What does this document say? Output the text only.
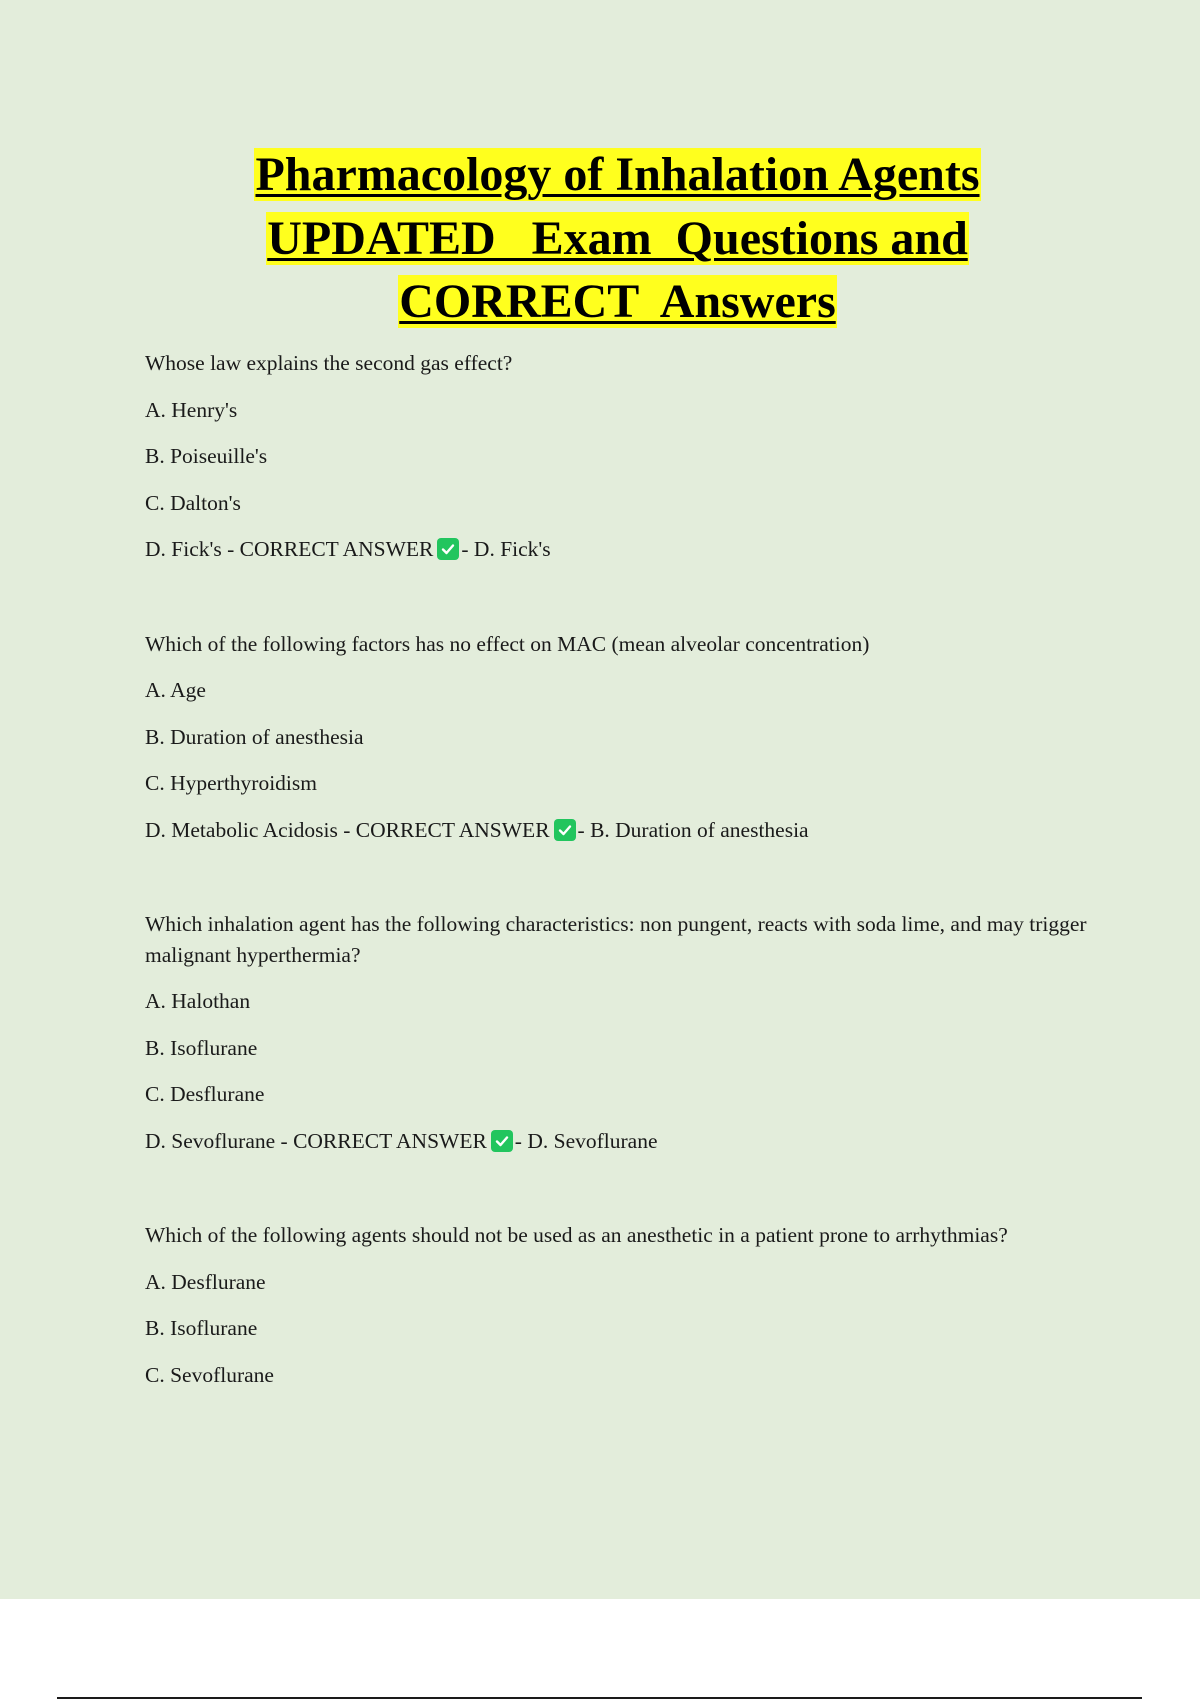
Pharmacology of Inhalation Agents
UPDATED   Exam  Questions and
CORRECT  Answers

Whose law explains the second gas effect?

A. Henry's

B. Poiseuille's

C. Dalton's

D. Fick's - CORRECT ANSWER - D. Fick's

Which of the following factors has no effect on MAC (mean alveolar concentration)

A. Age

B. Duration of anesthesia

C. Hyperthyroidism

D. Metabolic Acidosis - CORRECT ANSWER - B. Duration of anesthesia

Which inhalation agent has the following characteristics: non pungent, reacts with soda lime, and may trigger malignant hyperthermia?

A. Halothan

B. Isoflurane

C. Desflurane

D. Sevoflurane - CORRECT ANSWER - D. Sevoflurane

Which of the following agents should not be used as an anesthetic in a patient prone to arrhythmias?

A. Desflurane

B. Isoflurane

C. Sevoflurane
